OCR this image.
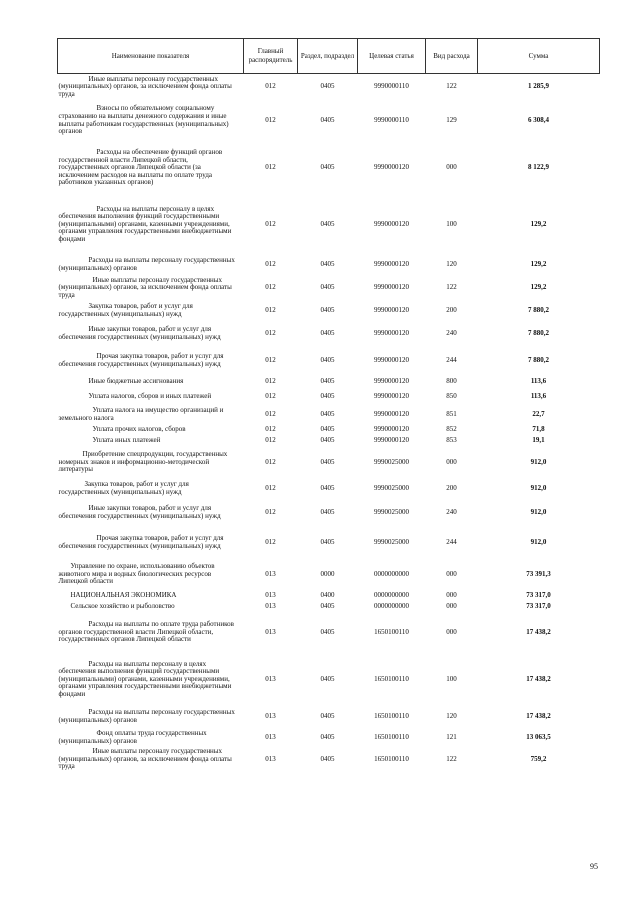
Наименование показателя	Главный распорядитель	Раздел, подраздел	Целевая статья	Вид расхода	Сумма
Иные выплаты персоналу государственных (муниципальных) органов, за исключением фонда оплаты труда	012	0405	9990000110	122	1 285,9
Взносы по обязательному социальному страхованию на выплаты денежного содержания и иные выплаты работникам государственных (муниципальных) органов	012	0405	9990000110	129	6 308,4
Расходы на обеспечение функций органов государственной власти Липецкой области, государственных органов Липецкой области (за исключением расходов на выплаты по оплате труда работников указанных органов)	012	0405	9990000120	000	8 122,9
Расходы на выплаты персоналу в целях обеспечения выполнения функций государственными (муниципальными) органами, казенными учреждениями, органами управления государственными внебюджетными фондами	012	0405	9990000120	100	129,2
Расходы на выплаты персоналу государственных (муниципальных) органов	012	0405	9990000120	120	129,2
Иные выплаты персоналу государственных (муниципальных) органов, за исключением фонда оплаты труда	012	0405	9990000120	122	129,2
Закупка товаров, работ и услуг для государственных (муниципальных) нужд	012	0405	9990000120	200	7 880,2
Иные закупки товаров, работ и услуг для обеспечения государственных (муниципальных) нужд	012	0405	9990000120	240	7 880,2
Прочая закупка товаров, работ и услуг для обеспечения государственных (муниципальных) нужд	012	0405	9990000120	244	7 880,2
Иные бюджетные ассигнования	012	0405	9990000120	800	113,6
Уплата налогов, сборов и иных платежей	012	0405	9990000120	850	113,6
Уплата налога на имущество организаций и земельного налога	012	0405	9990000120	851	22,7
Уплата прочих налогов, сборов	012	0405	9990000120	852	71,8
Уплата иных платежей	012	0405	9990000120	853	19,1
Приобретение спецпродукции, государственных номерных знаков и информационно-методической литературы	012	0405	9990025000	000	912,0
Закупка товаров, работ и услуг для государственных (муниципальных) нужд	012	0405	9990025000	200	912,0
Иные закупки товаров, работ и услуг для обеспечения государственных (муниципальных) нужд	012	0405	9990025000	240	912,0
Прочая закупка товаров, работ и услуг для обеспечения государственных (муниципальных) нужд	012	0405	9990025000	244	912,0
Управление по охране, использованию объектов животного мира и водных биологических ресурсов Липецкой области	013	0000	0000000000	000	73 391,3
НАЦИОНАЛЬНАЯ ЭКОНОМИКА	013	0400	0000000000	000	73 317,0
Сельское хозяйство и рыболовство	013	0405	0000000000	000	73 317,0
Расходы на выплаты по оплате труда работников органов государственной власти Липецкой области, государственных органов Липецкой области	013	0405	1650100110	000	17 438,2
Расходы на выплаты персоналу в целях обеспечения выполнения функций государственными (муниципальными) органами, казенными учреждениями, органами управления государственными внебюджетными фондами	013	0405	1650100110	100	17 438,2
Расходы на выплаты персоналу государственных (муниципальных) органов	013	0405	1650100110	120	17 438,2
Фонд оплаты труда государственных (муниципальных) органов	013	0405	1650100110	121	13 063,5
Иные выплаты персоналу государственных (муниципальных) органов, за исключением фонда оплаты труда	013	0405	1650100110	122	759,2
95
